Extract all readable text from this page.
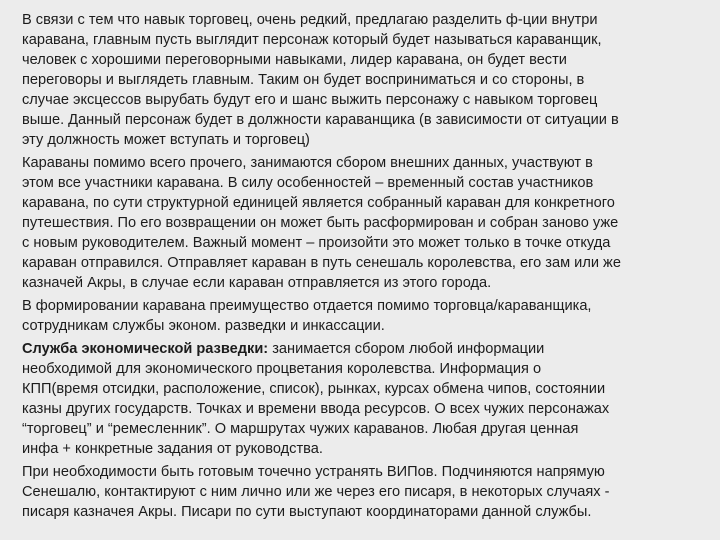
В связи с тем что навык торговец, очень редкий, предлагаю разделить ф-ции внутри
каравана, главным пусть выглядит персонаж который будет называться караванщик,
человек с хорошими переговорными навыками, лидер каравана, он будет вести
переговоры и выглядеть главным. Таким он будет восприниматься и со стороны, в
случае эксцессов вырубать будут его и шанс выжить персонажу с навыком торговец
выше. Данный персонаж будет в должности караванщика (в зависимости от ситуации в
эту должность может вступать и торговец)

Караваны помимо всего прочего, занимаются сбором внешних данных, участвуют в
этом все участники каравана. В силу особенностей – временный состав участников
каравана, по сути структурной единицей является собранный караван для конкретного
путешествия. По его возвращении он может быть расформирован и собран заново уже
с новым руководителем. Важный момент – произойти это может только в точке откуда
караван отправился. Отправляет караван в путь сенешаль королевства, его зам или же
казначей Акры, в случае если караван отправляется из этого города.

В формировании каравана преимущество отдается помимо торговца/караванщика,
сотрудникам службы эконом. разведки и инкассации.

Служба экономической разведки: занимается сбором любой информации
необходимой для экономического процветания королевства. Информация о
КПП(время отсидки, расположение, список), рынках, курсах обмена чипов, состоянии
казны других государств. Точках и времени ввода ресурсов. О всех чужих персонажах
“торговец” и “ремесленник”. О маршрутах чужих караванов. Любая другая ценная
инфа + конкретные задания от руководства.

При необходимости быть готовым точечно устранять ВИПов. Подчиняются напрямую
Сенешалю, контактируют с ним лично или же через его писаря, в некоторых случаях -
писаря казначея Акры. Писари по сути выступают координаторами данной службы.
